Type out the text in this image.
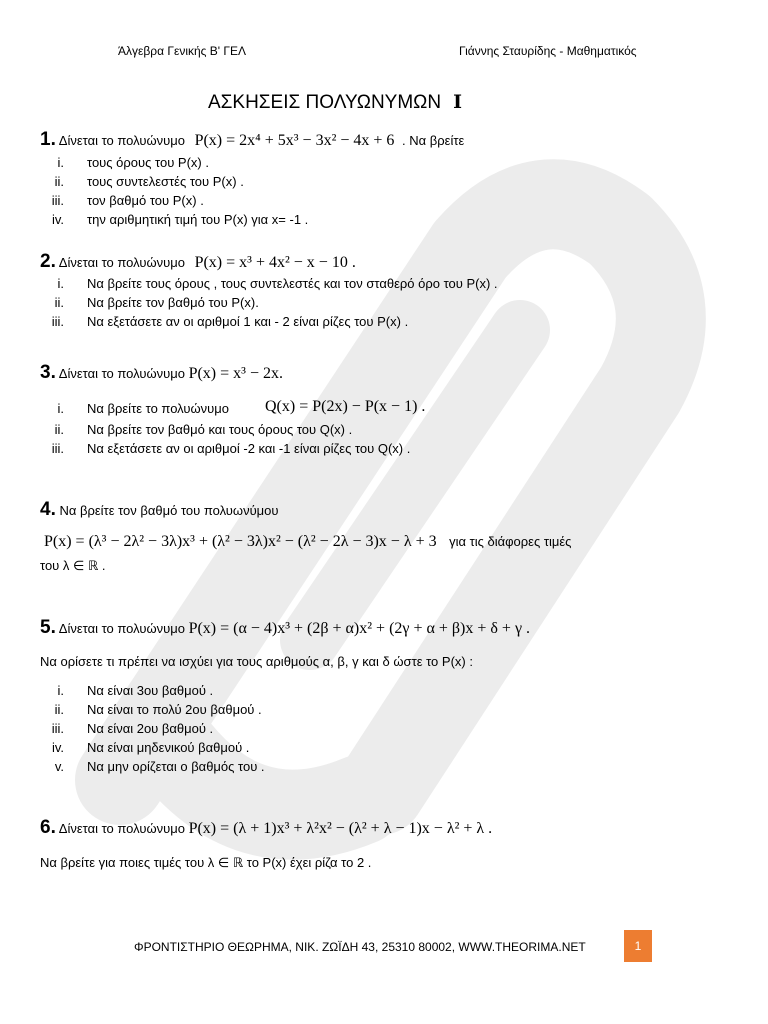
Άλγεβρα Γενικής Β' ΓΕΛ	Γιάννης Σταυρίδης - Μαθηματικός
ΑΣΚΗΣΕΙΣ ΠΟΛΥΩΝΥΜΩΝ Ι
1. Δίνεται το πολυώνυμο P(x) = 2x⁴ + 5x³ − 3x² − 4x + 6 . Να βρείτε
i. τους όρους του P(x) .
ii. τους συντελεστές του P(x) .
iii. τον βαθμό του P(x) .
iv. την αριθμητική τιμή του P(x) για x= -1 .
2. Δίνεται το πολυώνυμο P(x) = x³ + 4x² − x − 10 .
i. Να βρείτε τους όρους , τους συντελεστές και τον σταθερό όρο του P(x) .
ii. Να βρείτε τον βαθμό του P(x).
iii. Να εξετάσετε αν οι αριθμοί 1 και - 2 είναι ρίζες του P(x) .
3. Δίνεται το πολυώνυμο P(x) = x³ − 2x.
i. Να βρείτε το πολυώνυμο Q(x) = P(2x) − P(x − 1) .
ii. Να βρείτε τον βαθμό και τους όρους του Q(x) .
iii. Να εξετάσετε αν οι αριθμοί -2 και -1 είναι ρίζες του Q(x) .
4. Να βρείτε τον βαθμό του πολυωνύμου
P(x) = (λ³ − 2λ² − 3λ)x³ + (λ² − 3λ)x² − (λ² − 2λ − 3)x − λ + 3 για τις διάφορες τιμές
του λ ∈ ℝ .
5. Δίνεται το πολυώνυμο P(x) = (α − 4)x³ + (2β + α)x² + (2γ + α + β)x + δ + γ .
Να ορίσετε τι πρέπει να ισχύει για τους αριθμούς α, β, γ και δ ώστε το P(x) :
i. Να είναι 3ου βαθμού .
ii. Να είναι το πολύ 2ου βαθμού .
iii. Να είναι 2ου βαθμού .
iv. Να είναι μηδενικού βαθμού .
v. Να μην ορίζεται ο βαθμός του .
6. Δίνεται το πολυώνυμο P(x) = (λ + 1)x³ + λ²x² − (λ² + λ − 1)x − λ² + λ .
Να βρείτε για ποιες τιμές του λ ∈ ℝ το P(x) έχει ρίζα το 2 .
ΦΡΟΝΤΙΣΤΗΡΙΟ ΘΕΩΡΗΜΑ, ΝΙΚ. ΖΩΪΔΗ 43, 25310 80002, WWW.THEORIMA.NET	1
